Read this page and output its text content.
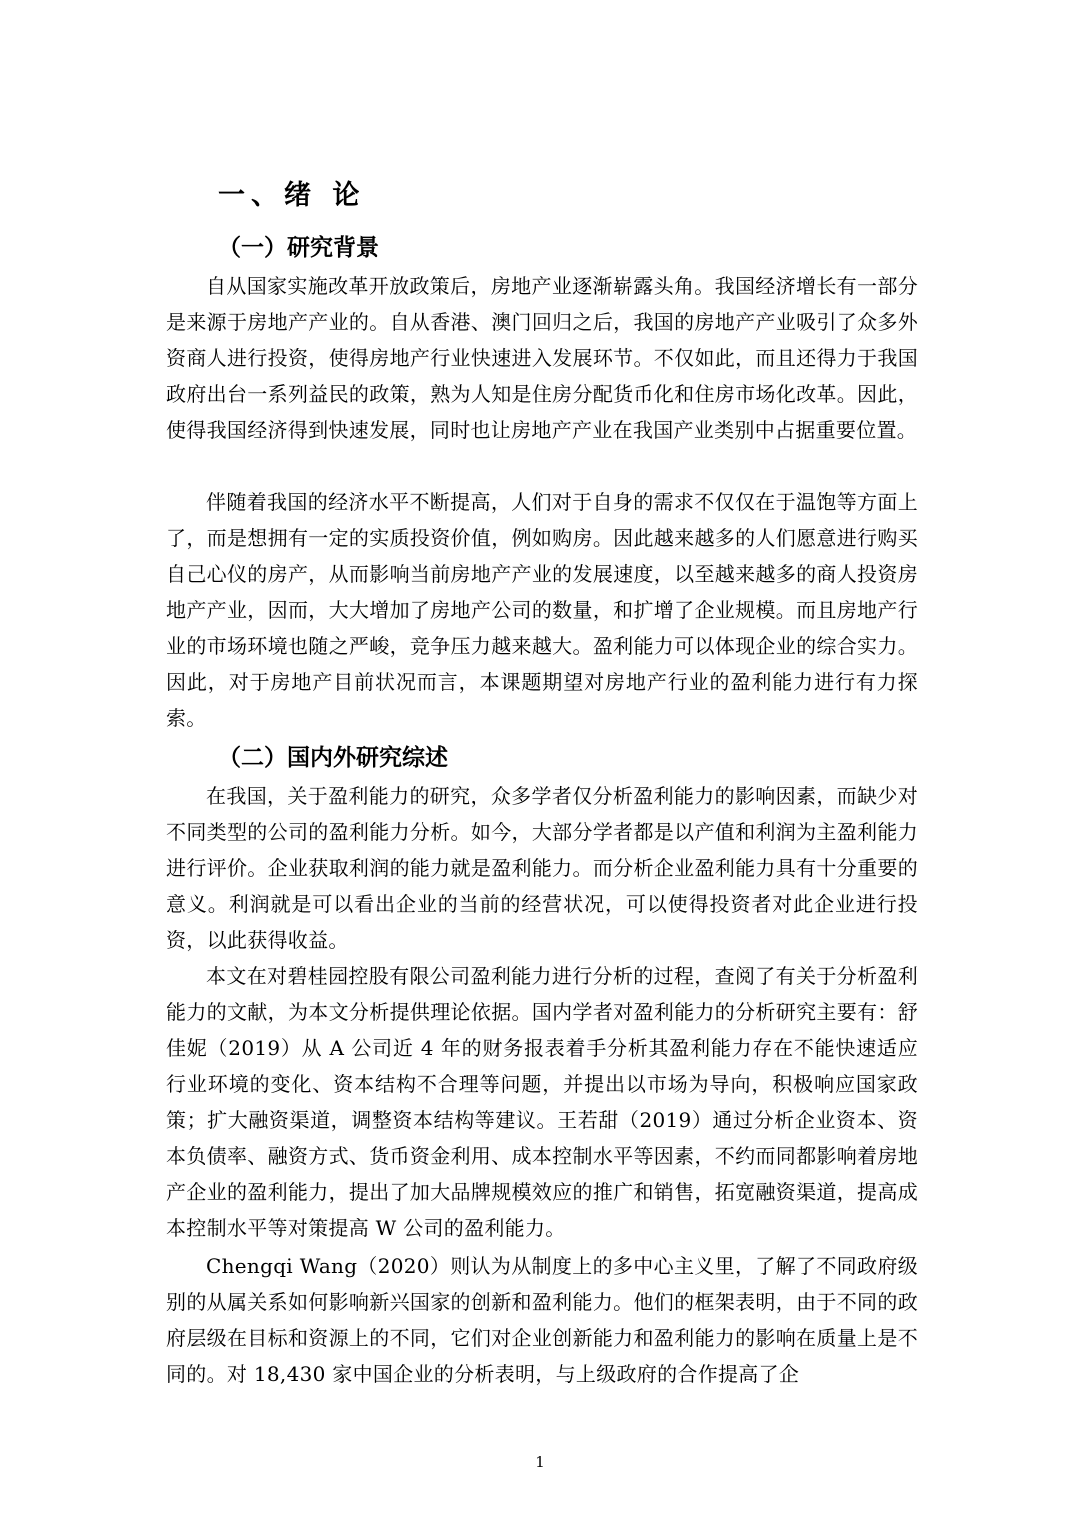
一、绪 论
（一）研究背景

自从国家实施改革开放政策后，房地产业逐渐崭露头角。我国经济增长有一部分是来源于房地产产业的。自从香港、澳门回归之后，我国的房地产产业吸引了众多外资商人进行投资，使得房地产行业快速进入发展环节。不仅如此，而且还得力于我国政府出台一系列益民的政策，熟为人知是住房分配货币化和住房市场化改革。因此，使得我国经济得到快速发展，同时也让房地产产业在我国产业类别中占据重要位置。

伴随着我国的经济水平不断提高，人们对于自身的需求不仅仅在于温饱等方面上了，而是想拥有一定的实质投资价值，例如购房。因此越来越多的人们愿意进行购买自己心仪的房产，从而影响当前房地产产业的发展速度，以至越来越多的商人投资房地产产业，因而，大大增加了房地产公司的数量，和扩增了企业规模。而且房地产行业的市场环境也随之严峻，竞争压力越来越大。盈利能力可以体现企业的综合实力。因此，对于房地产目前状况而言，本课题期望对房地产行业的盈利能力进行有力探索。

（二）国内外研究综述

在我国，关于盈利能力的研究，众多学者仅分析盈利能力的影响因素，而缺少对不同类型的公司的盈利能力分析。如今，大部分学者都是以产值和利润为主盈利能力进行评价。企业获取利润的能力就是盈利能力。而分析企业盈利能力具有十分重要的意义。利润就是可以看出企业的当前的经营状况，可以使得投资者对此企业进行投资，以此获得收益。

本文在对碧桂园控股有限公司盈利能力进行分析的过程，查阅了有关于分析盈利能力的文献，为本文分析提供理论依据。国内学者对盈利能力的分析研究主要有：舒佳妮（2019）从 A 公司近 4 年的财务报表着手分析其盈利能力存在不能快速适应行业环境的变化、资本结构不合理等问题，并提出以市场为导向，积极响应国家政策；扩大融资渠道，调整资本结构等建议。王若甜（2019）通过分析企业资本、资本负债率、融资方式、货币资金利用、成本控制水平等因素，不约而同都影响着房地产企业的盈利能力，提出了加大品牌规模效应的推广和销售，拓宽融资渠道，提高成本控制水平等对策提高 W 公司的盈利能力。

Chengqi Wang（2020）则认为从制度上的多中心主义里，了解了不同政府级别的从属关系如何影响新兴国家的创新和盈利能力。他们的框架表明，由于不同的政府层级在目标和资源上的不同，它们对企业创新能力和盈利能力的影响在质量上是不同的。对 18,430 家中国企业的分析表明，与上级政府的合作提高了企

1
